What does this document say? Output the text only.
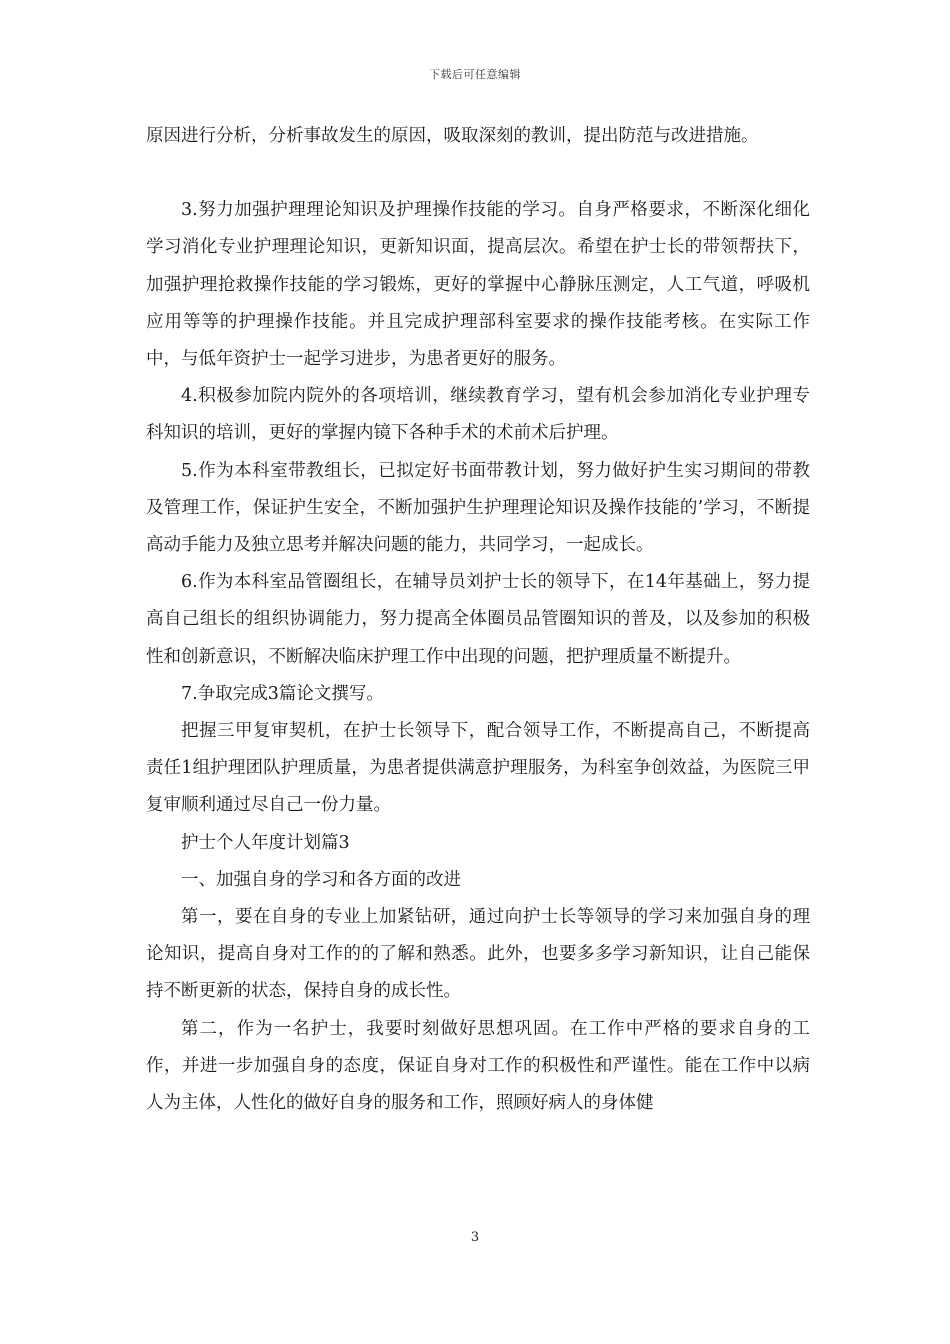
下载后可任意编辑

原因进行分析，分析事故发生的原因，吸取深刻的教训，提出防范与改进措施。

3.努力加强护理理论知识及护理操作技能的学习。自身严格要求，不断深化细化学习消化专业护理理论知识，更新知识面，提高层次。希望在护士长的带领帮扶下，加强护理抢救操作技能的学习锻炼，更好的掌握中心静脉压测定，人工气道，呼吸机应用等等的护理操作技能。并且完成护理部科室要求的操作技能考核。在实际工作中，与低年资护士一起学习进步，为患者更好的服务。

4.积极参加院内院外的各项培训，继续教育学习，望有机会参加消化专业护理专科知识的培训，更好的掌握内镜下各种手术的术前术后护理。

5.作为本科室带教组长，已拟定好书面带教计划，努力做好护生实习期间的带教及管理工作，保证护生安全，不断加强护生护理理论知识及操作技能的’学习，不断提高动手能力及独立思考并解决问题的能力，共同学习，一起成长。

6.作为本科室品管圈组长，在辅导员刘护士长的领导下，在14年基础上，努力提高自己组长的组织协调能力，努力提高全体圈员品管圈知识的普及，以及参加的积极性和创新意识，不断解决临床护理工作中出现的问题，把护理质量不断提升。

7.争取完成3篇论文撰写。

把握三甲复审契机，在护士长领导下，配合领导工作，不断提高自己，不断提高责任1组护理团队护理质量，为患者提供满意护理服务，为科室争创效益，为医院三甲复审顺利通过尽自己一份力量。

护士个人年度计划篇3

一、加强自身的学习和各方面的改进

第一，要在自身的专业上加紧钻研，通过向护士长等领导的学习来加强自身的理论知识，提高自身对工作的的了解和熟悉。此外，也要多多学习新知识，让自己能保持不断更新的状态，保持自身的成长性。

第二，作为一名护士，我要时刻做好思想巩固。在工作中严格的要求自身的工作，并进一步加强自身的态度，保证自身对工作的积极性和严谨性。能在工作中以病人为主体，人性化的做好自身的服务和工作，照顾好病人的身体健

3
